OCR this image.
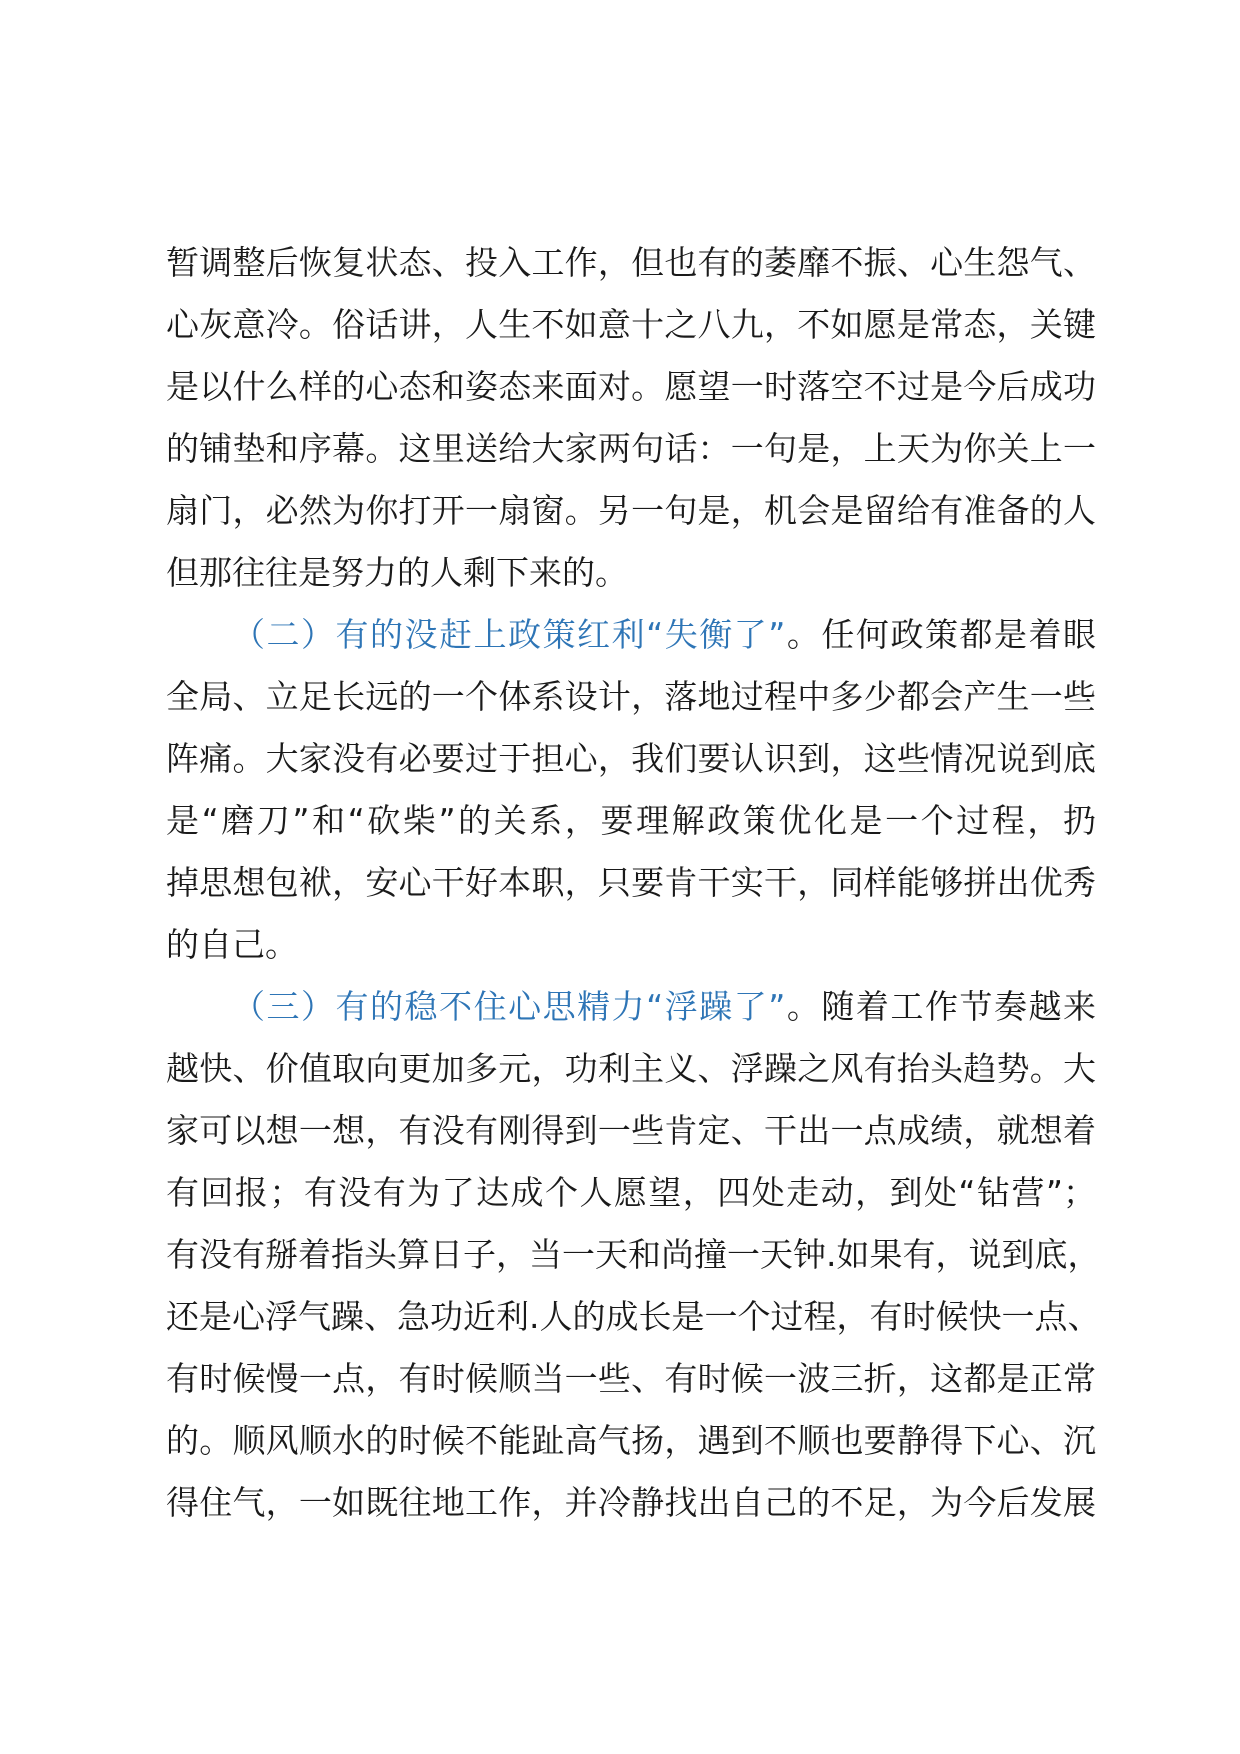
暂调整后恢复状态、投入工作，但也有的萎靡不振、心生怨气、
心灰意冷。俗话讲，人生不如意十之八九，不如愿是常态，关键
是以什么样的心态和姿态来面对。愿望一时落空不过是今后成功
的铺垫和序幕。这里送给大家两句话：一句是，上天为你关上一
扇门，必然为你打开一扇窗。另一句是，机会是留给有准备的人
但那往往是努力的人剩下来的。
（二）有的没赶上政策红利“失衡了”。任何政策都是着眼
全局、立足长远的一个体系设计，落地过程中多少都会产生一些
阵痛。大家没有必要过于担心，我们要认识到，这些情况说到底
是“磨刀”和“砍柴”的关系，要理解政策优化是一个过程，扔
掉思想包袱，安心干好本职，只要肯干实干，同样能够拼出优秀
的自己。
（三）有的稳不住心思精力“浮躁了”。随着工作节奏越来
越快、价值取向更加多元，功利主义、浮躁之风有抬头趋势。大
家可以想一想，有没有刚得到一些肯定、干出一点成绩，就想着
有回报；有没有为了达成个人愿望，四处走动，到处“钻营”；
有没有掰着指头算日子，当一天和尚撞一天钟.如果有，说到底，
还是心浮气躁、急功近利.人的成长是一个过程，有时候快一点、
有时候慢一点，有时候顺当一些、有时候一波三折，这都是正常
的。顺风顺水的时候不能趾高气扬，遇到不顺也要静得下心、沉
得住气，一如既往地工作，并冷静找出自己的不足，为今后发展
